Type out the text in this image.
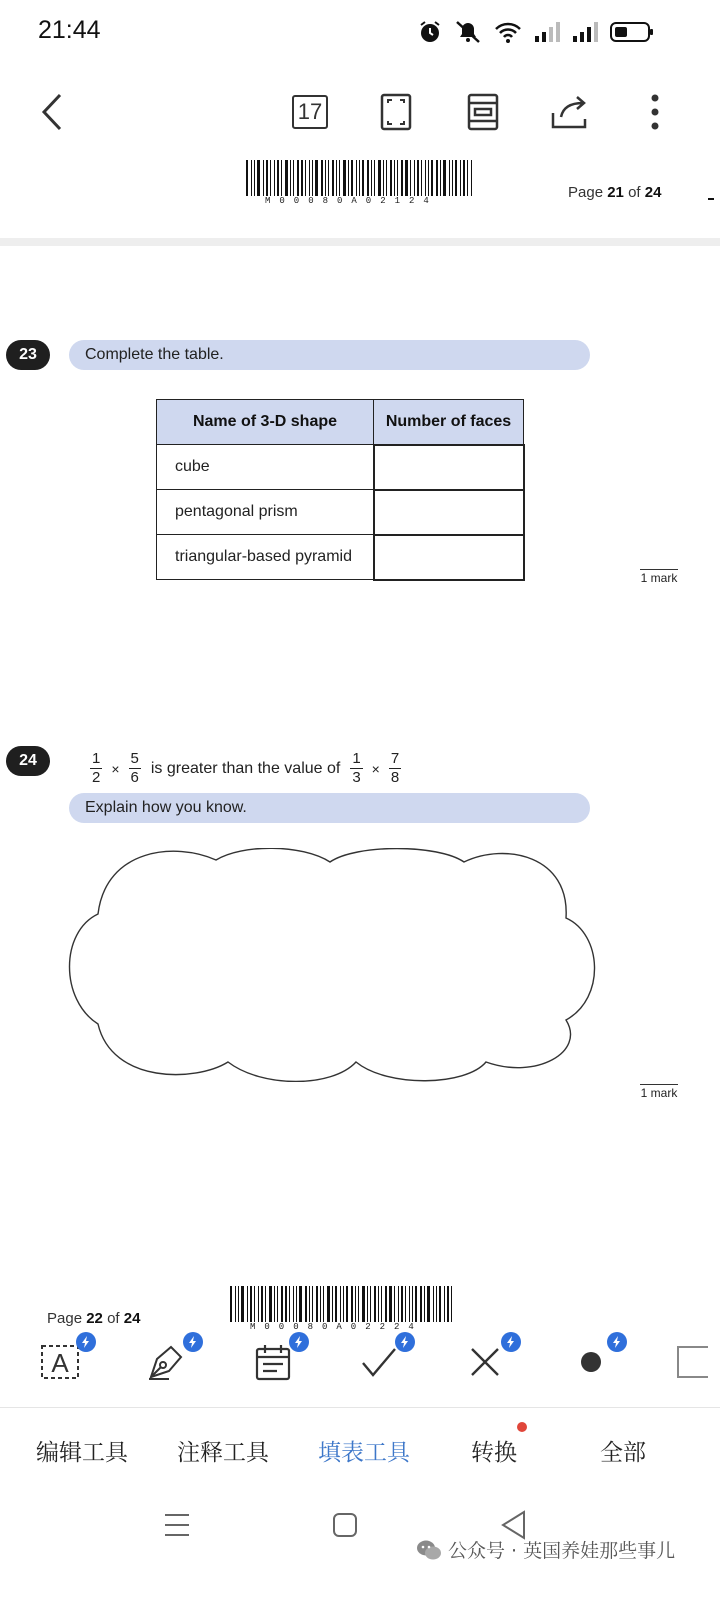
21:44
17
M00080A02124	Page 21 of 24
23	Complete the table.
Name of 3-D shape	Number of faces
cube	
pentagonal prism	
triangular-based pyramid	
1 mark
24	$\frac{1}{2} \times \frac{5}{6}$ is greater than the value of $\frac{1}{3} \times \frac{7}{8}$
Explain how you know.
1 mark
Page 22 of 24	M00080A02224
A
编辑工具 注释工具 填表工具	转换	全部
公众号 · 英国养娃那些事儿
